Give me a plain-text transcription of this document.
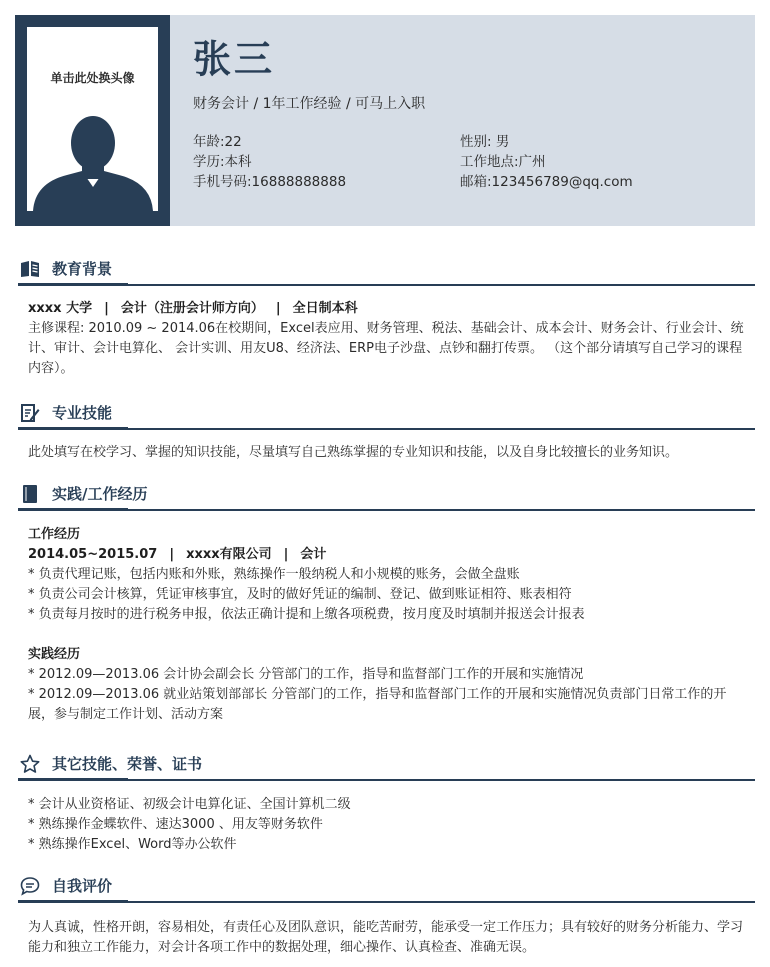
单击此处换头像	张三
财务会计 / 1年工作经验 / 可马上入职
年龄:22
学历:本科
手机号码:16888888888
性别: 男
工作地点:广州
邮箱:123456789@qq.com
教育背景
xxxx 大学 | 会计（注册会计师方向） | 全日制本科
主修课程: 2010.09 ~ 2014.06在校期间，Excel表应用、财务管理、税法、基础会计、成本会计、财务会计、行业会计、统计、审计、会计电算化、 会计实训、用友U8、经济法、ERP电子沙盘、点钞和翻打传票。 （这个部分请填写自己学习的课程内容）。
专业技能
此处填写在校学习、掌握的知识技能，尽量填写自己熟练掌握的专业知识和技能，以及自身比较擅长的业务知识。
实践/工作经历
工作经历
2014.05~2015.07 | xxxx有限公司 | 会计
* 负责代理记账，包括内账和外账，熟练操作一般纳税人和小规模的账务，会做全盘账
* 负责公司会计核算，凭证审核事宜，及时的做好凭证的编制、登记、做到账证相符、账表相符
* 负责每月按时的进行税务申报，依法正确计提和上缴各项税费，按月度及时填制并报送会计报表
实践经历
* 2012.09—2013.06 会计协会副会长 分管部门的工作，指导和监督部门工作的开展和实施情况
* 2012.09—2013.06 就业站策划部部长 分管部门的工作，指导和监督部门工作的开展和实施情况负责部门日常工作的开展，参与制定工作计划、活动方案
其它技能、荣誉、证书
* 会计从业资格证、初级会计电算化证、全国计算机二级
* 熟练操作金蝶软件、速达3000 、用友等财务软件
* 熟练操作Excel、Word等办公软件
自我评价
为人真诚，性格开朗，容易相处，有责任心及团队意识，能吃苦耐劳，能承受一定工作压力；具有较好的财务分析能力、学习能力和独立工作能力，对会计各项工作中的数据处理，细心操作、认真检查、准确无误。
